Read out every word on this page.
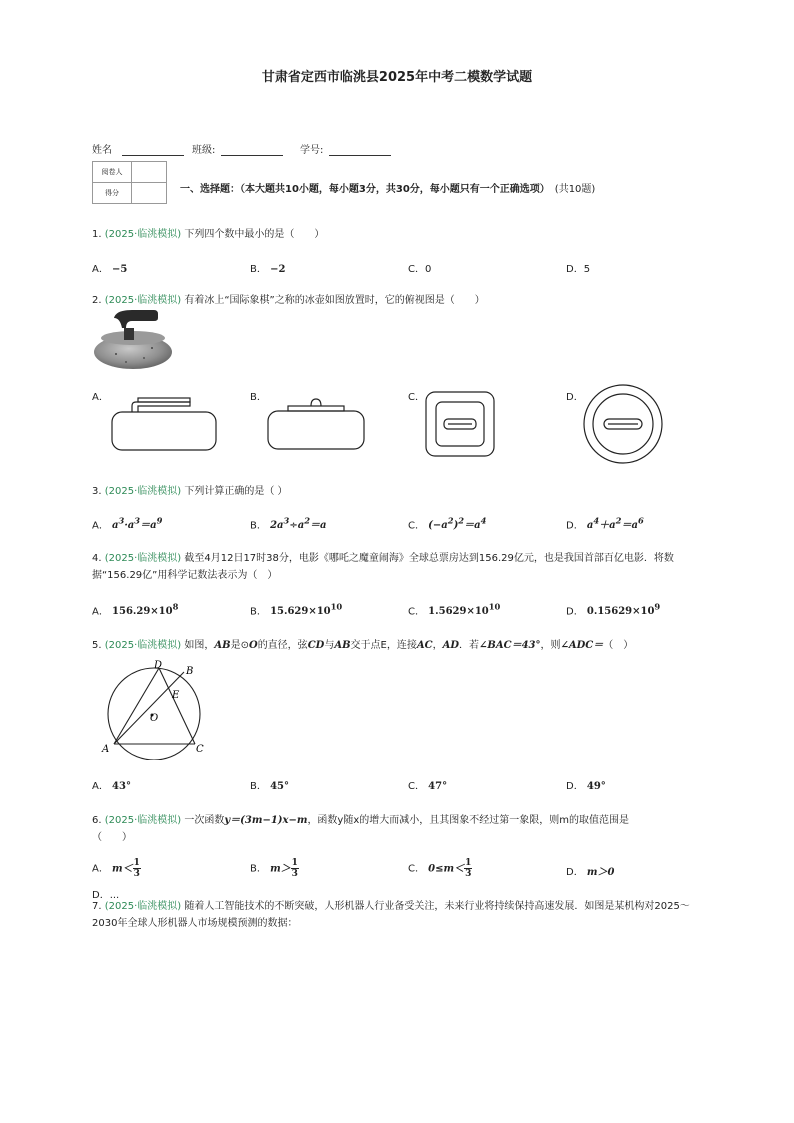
甘肃省定西市临洮县2025年中考二模数学试题
姓名	班级:	学号:
阅卷人	
得分		一、选择题：（本大题共10小题，每小题3分，共30分，每小题只有一个正确选项）　 (共10题)
1. (2025·临洮模拟) 下列四个数中最小的是（　　）
A． −5	B． −2	C．0	D．5
2. (2025·临洮模拟) 有着冰上“国际象棋”之称的冰壶如图放置时，它的俯视图是（　　）
A．	B．	C．	D．
3. (2025·临洮模拟) 下列计算正确的是（ ）
A． $a^3\cdot a^3=a^9$	B． $2a^3\div a^2=a$	C． $(-a^2)^2=a^4$	D． $a^4+a^2=a^6$
4. (2025·临洮模拟) 截至4月12日17时38分，电影《哪吒之魔童闹海》全球总票房达到156.29亿元，也是我国首部百亿电影．将数据“156.29亿”用科学记数法表示为（　）
A． $156.29\times 10^8$	B． $15.629\times 10^{10}$	C． $1.5629\times 10^{10}$	D． $0.15629\times 10^9$
5. (2025·临洮模拟) 如图，AB是⊙O的直径，弦CD与AB交于点E，连接AC，AD．若∠BAC＝43°，则∠ADC＝（　）
D
B
E
O
A	C
A． 43°	B． 45°	C． 47°	D． 49°
6. (2025·临洮模拟) 一次函数y＝(3m−1)x−m，函数y随x的增大而减小，且其图象不经过第一象限，则m的取值范围是
（　　）
A． $m< \frac{1}{3}$	B． $m> \frac{1}{3}$	C． $0\le m< \frac{1}{3}$	D． m＞0
D．...
7. (2025·临洮模拟) 随着人工智能技术的不断突破，人形机器人行业备受关注，未来行业将持续保持高速发展．如图是某机构对2025～2030年全球人形机器人市场规模预测的数据：
